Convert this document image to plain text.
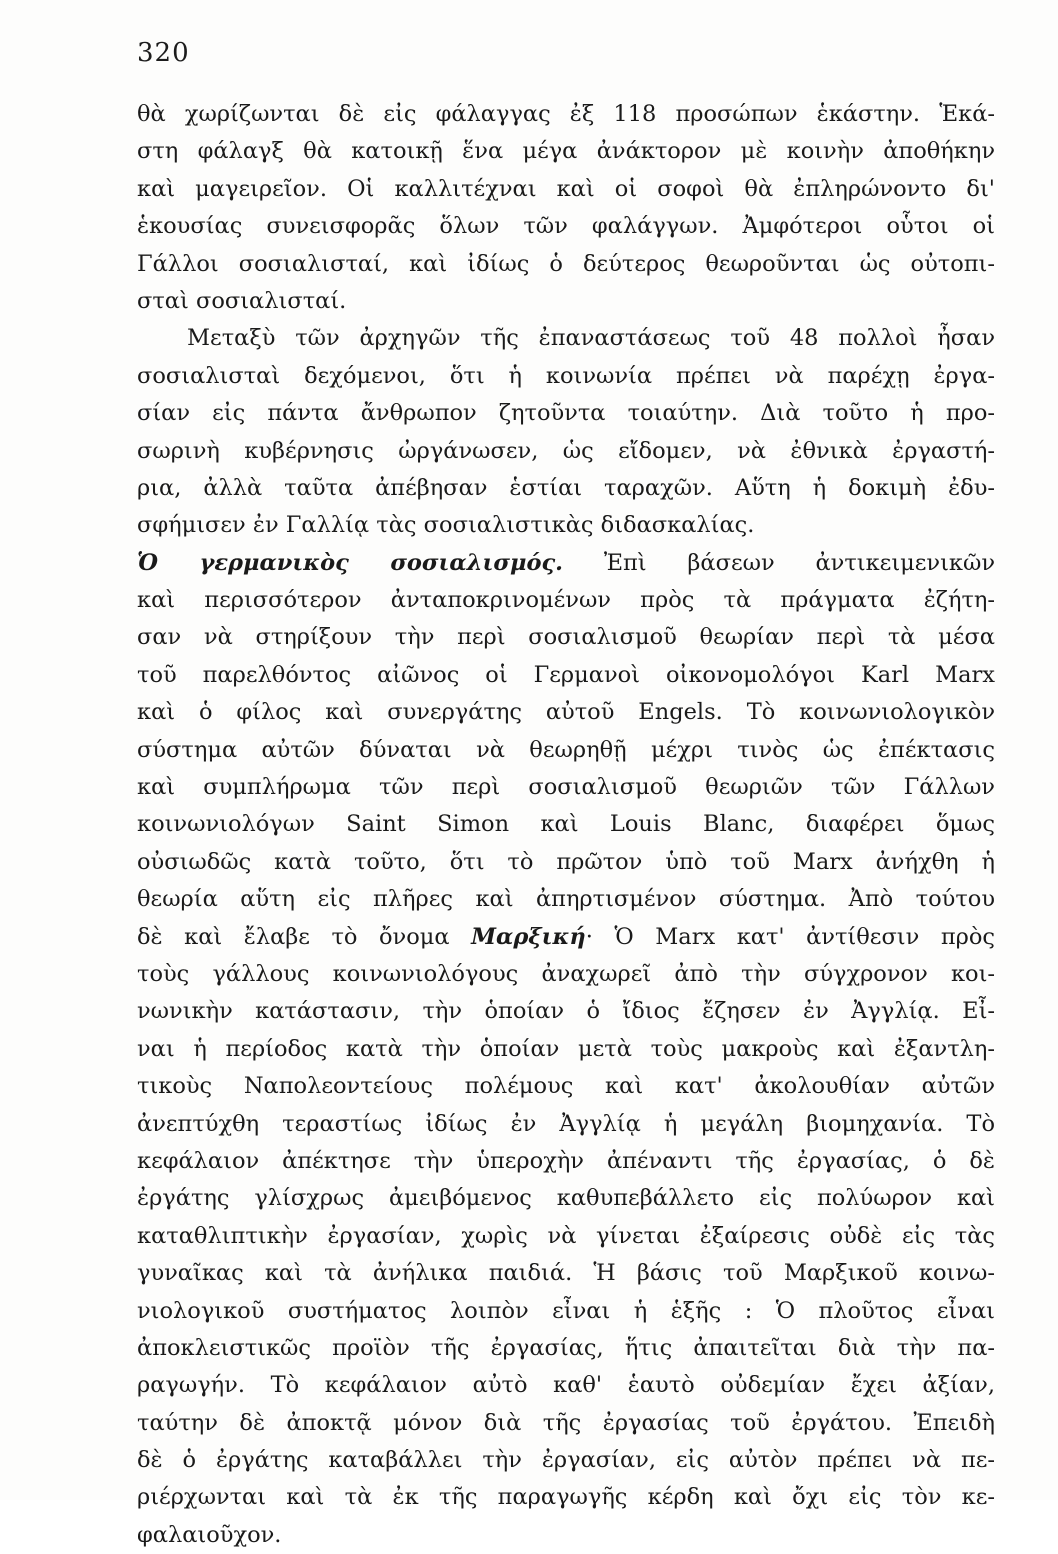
320
θὰ χωρίζωνται δὲ εἰς φάλαγγας ἐξ 118 προσώπων ἑκάστην. Ἑκά-
στη φάλαγξ θὰ κατοικῇ ἕνα μέγα ἀνάκτορον μὲ κοινὴν ἀποθήκην
καὶ μαγειρεῖον. Οἱ καλλιτέχναι καὶ οἱ σοφοὶ θὰ ἐπληρώνοντο δι'
ἑκουσίας συνεισφορᾶς ὅλων τῶν φαλάγγων. Ἀμφότεροι οὗτοι οἱ
Γάλλοι σοσιαλισταί, καὶ ἰδίως ὁ δεύτερος θεωροῦνται ὡς οὐτοπι-
σταὶ σοσιαλισταί.
Μεταξὺ τῶν ἀρχηγῶν τῆς ἐπαναστάσεως τοῦ 48 πολλοὶ ἦσαν
σοσιαλισταὶ δεχόμενοι, ὅτι ἡ κοινωνία πρέπει νὰ παρέχῃ ἐργα-
σίαν εἰς πάντα ἄνθρωπον ζητοῦντα τοιαύτην. Διὰ τοῦτο ἡ προ-
σωρινὴ κυβέρνησις ὠργάνωσεν, ὡς εἴδομεν, νὰ ἐθνικὰ ἐργαστή-
ρια, ἀλλὰ ταῦτα ἀπέβησαν ἑστίαι ταραχῶν. Αὕτη ἡ δοκιμὴ ἐδυ-
σφήμισεν ἐν Γαλλίᾳ τὰς σοσιαλιστικὰς διδασκαλίας.
Ὁ γερμανικὸς σοσιαλισμός. Ἐπὶ βάσεων ἀντικειμενικῶν
καὶ περισσότερον ἀνταποκρινομένων πρὸς τὰ πράγματα ἐζήτη-
σαν νὰ στηρίξουν τὴν περὶ σοσιαλισμοῦ θεωρίαν περὶ τὰ μέσα
τοῦ παρελθόντος αἰῶνος οἱ Γερμανοὶ οἰκονομολόγοι Karl Marx
καὶ ὁ φίλος καὶ συνεργάτης αὐτοῦ Engels. Τὸ κοινωνιολογικὸν
σύστημα αὐτῶν δύναται νὰ θεωρηθῇ μέχρι τινὸς ὡς ἐπέκτασις
καὶ συμπλήρωμα τῶν περὶ σοσιαλισμοῦ θεωριῶν τῶν Γάλλων
κοινωνιολόγων Saint Simon καὶ Louis Blanc, διαφέρει ὅμως
οὐσιωδῶς κατὰ τοῦτο, ὅτι τὸ πρῶτον ὑπὸ τοῦ Marx ἀνήχθη ἡ
θεωρία αὕτη εἰς πλῆρες καὶ ἀπηρτισμένον σύστημα. Ἀπὸ τούτου
δὲ καὶ ἔλαβε τὸ ὄνομα Μαρξική· Ὁ Marx κατ' ἀντίθεσιν πρὸς
τοὺς γάλλους κοινωνιολόγους ἀναχωρεῖ ἀπὸ τὴν σύγχρονον κοι-
νωνικὴν κατάστασιν, τὴν ὁποίαν ὁ ἴδιος ἔζησεν ἐν Ἀγγλίᾳ. Εἶ-
ναι ἡ περίοδος κατὰ τὴν ὁποίαν μετὰ τοὺς μακροὺς καὶ ἐξαντλη-
τικοὺς Ναπολεοντείους πολέμους καὶ κατ' ἀκολουθίαν αὐτῶν
ἀνεπτύχθη τεραστίως ἰδίως ἐν Ἀγγλίᾳ ἡ μεγάλη βιομηχανία. Τὸ
κεφάλαιον ἀπέκτησε τὴν ὑπεροχὴν ἀπέναντι τῆς ἐργασίας, ὁ δὲ
ἐργάτης γλίσχρως ἀμειβόμενος καθυπεβάλλετο εἰς πολύωρον καὶ
καταθλιπτικὴν ἐργασίαν, χωρὶς νὰ γίνεται ἐξαίρεσις οὐδὲ εἰς τὰς
γυναῖκας καὶ τὰ ἀνήλικα παιδιά. Ἡ βάσις τοῦ Μαρξικοῦ κοινω-
νιολογικοῦ συστήματος λοιπὸν εἶναι ἡ ἑξῆς : Ὁ πλοῦτος εἶναι
ἀποκλειστικῶς προϊὸν τῆς ἐργασίας, ἥτις ἀπαιτεῖται διὰ τὴν πα-
ραγωγήν. Τὸ κεφάλαιον αὐτὸ καθ' ἑαυτὸ οὐδεμίαν ἔχει ἀξίαν,
ταύτην δὲ ἀποκτᾷ μόνον διὰ τῆς ἐργασίας τοῦ ἐργάτου. Ἐπειδὴ
δὲ ὁ ἐργάτης καταβάλλει τὴν ἐργασίαν, εἰς αὐτὸν πρέπει νὰ πε-
ριέρχωνται καὶ τὰ ἐκ τῆς παραγωγῆς κέρδη καὶ ὄχι εἰς τὸν κε-
φαλαιοῦχον.
